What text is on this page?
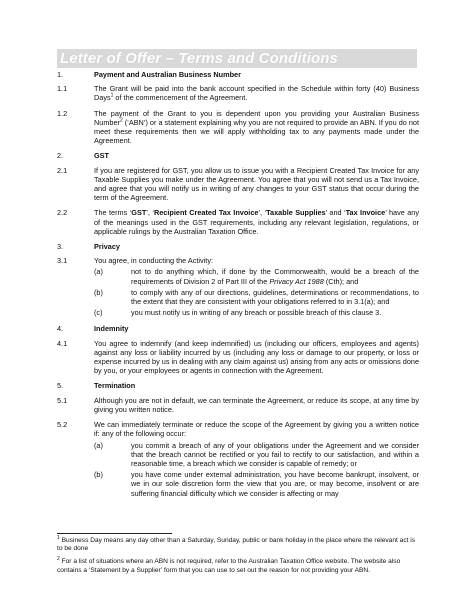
Letter of Offer – Terms and Conditions
1.	Payment and Australian Business Number
1.1	The Grant will be paid into the bank account specified in the Schedule within forty (40) Business Days$^1$ of the commencement of the Agreement.
1.2	The payment of the Grant to you is dependent upon you providing your Australian Business Number$^2$ (‘ABN’) or a statement explaining why you are not required to provide an ABN. If you do not meet these requirements then we will apply withholding tax to any payments made under the Agreement.
2.	GST
2.1	If you are registered for GST, you allow us to issue you with a Recipient Created Tax Invoice for any Taxable Supplies you make under the Agreement. You agree that you will not send us a Tax Invoice, and agree that you will notify us in writing of any changes to your GST status that occur during the term of the Agreement.
2.2	The terms ‘GST’, ‘Recipient Created Tax Invoice’, ‘Taxable Supplies’ and ‘Tax Invoice’ have any of the meanings used in the GST requirements, including any relevant legislation, regulations, or applicable rulings by the Australian Taxation Office.
3.	Privacy
3.1	You agree, in conducting the Activity:
(a)	not to do anything which, if done by the Commonwealth, would be a breach of the requirements of Division 2 of Part III of the Privacy Act 1988 (Cth); and
(b)	to comply with any of our directions, guidelines, determinations or recommendations, to the extent that they are consistent with your obligations referred to in 3.1(a); and
(c)	you must notify us in writing of any breach or possible breach of this clause 3.
4.	Indemnity
4.1	You agree to indemnify (and keep indemnified) us (including our officers, employees and agents) against any loss or liability incurred by us (including any loss or damage to our property, or loss or expense incurred by us in dealing with any claim against us) arising from any acts or omissions done by you, or your employees or agents in connection with the Agreement.
5.	Termination
5.1	Although you are not in default, we can terminate the Agreement, or reduce its scope, at any time by giving you written notice.
5.2	We can immediately terminate or reduce the scope of the Agreement by giving you a written notice if: any of the following occur:
(a)	you commit a breach of any of your obligations under the Agreement and we consider that the breach cannot be rectified or you fail to rectify to our satisfaction, and within a reasonable time, a breach which we consider is capable of remedy; or
(b)	you have come under external administration, you have become bankrupt, insolvent, or we in our sole discretion form the view that you are, or may become, insolvent or are suffering financial difficulty which we consider is affecting or may
$^1$ Business Day means any day other than a Saturday, Sunday, public or bank holiday in the place where the relevant act is to be done
$^2$ For a list of situations where an ABN is not required, refer to the Australian Taxation Office website. The website also contains a ‘Statement by a Supplier’ form that you can use to set out the reason for not providing your ABN.
